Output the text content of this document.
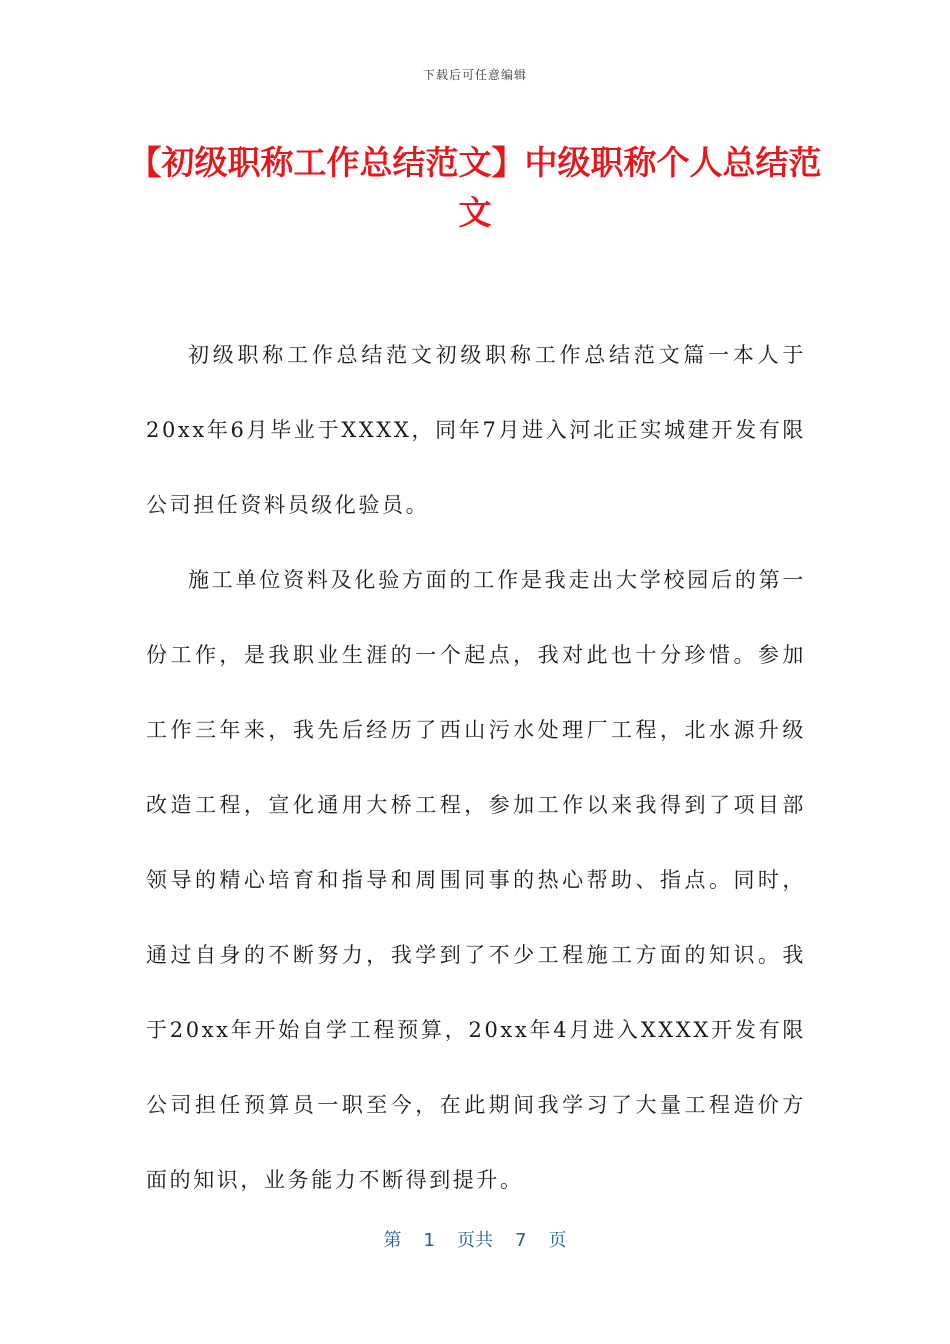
下载后可任意编辑
【初级职称工作总结范文】中级职称个人总结范文

初级职称工作总结范文初级职称工作总结范文篇一本人于20xx年6月毕业于XXXX，同年7月进入河北正实城建开发有限公司担任资料员级化验员。

施工单位资料及化验方面的工作是我走出大学校园后的第一份工作，是我职业生涯的一个起点，我对此也十分珍惜。参加工作三年来，我先后经历了西山污水处理厂工程，北水源升级改造工程，宣化通用大桥工程，参加工作以来我得到了项目部领导的精心培育和指导和周围同事的热心帮助、指点。同时，通过自身的不断努力，我学到了不少工程施工方面的知识。我于20xx年开始自学工程预算，20xx年4月进入XXXX开发有限公司担任预算员一职至今，在此期间我学习了大量工程造价方面的知识，业务能力不断得到提升。

第 1 页共 7 页
